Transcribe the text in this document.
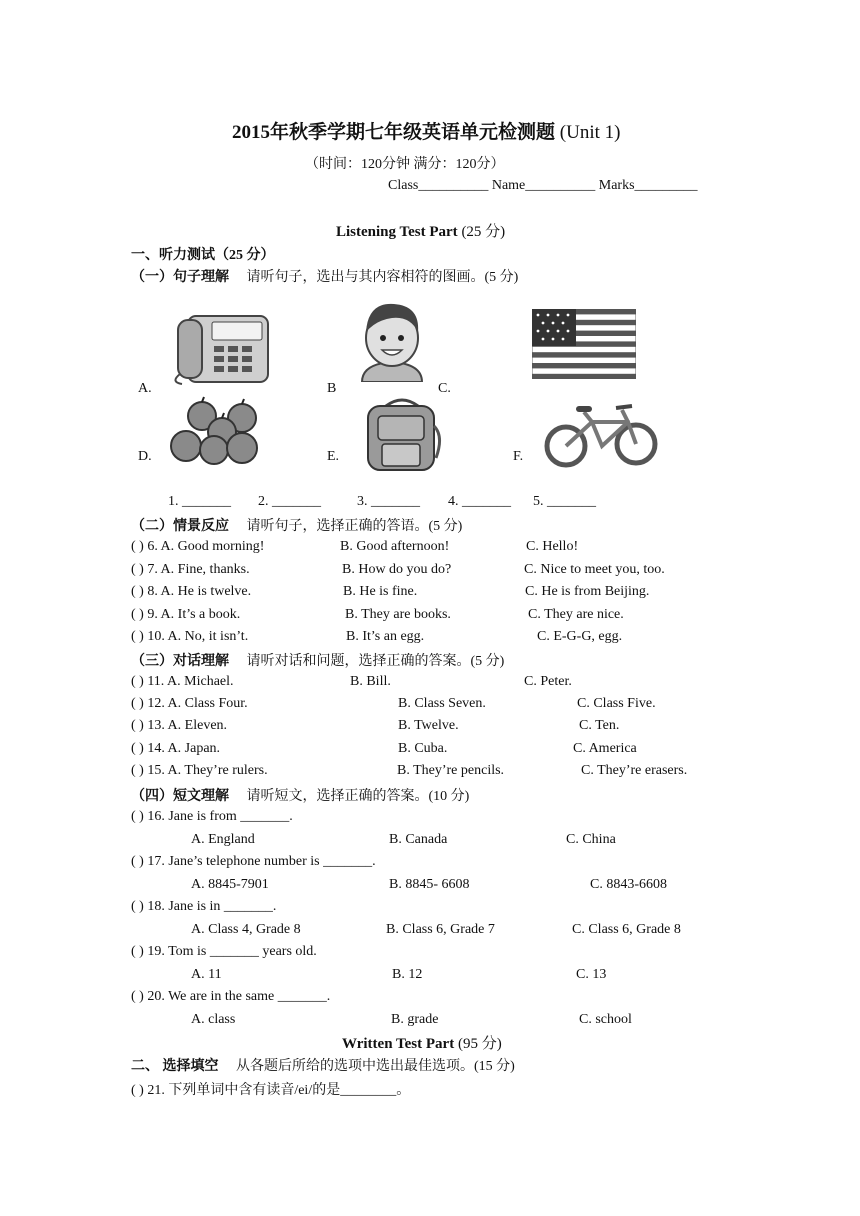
2015年秋季学期七年级英语单元检测题 (Unit 1)
（时间：120分钟 满分：120分）
Class__________ Name__________ Marks_________
Listening Test Part (25 分)
一、听力测试（25 分）
（一）句子理解 请听句子，选出与其内容相符的图画。(5 分)
A.	B	C.
D.	E.	F.
1. _______ 2. _______	3. _______ 4. _______ 5. _______
（二）情景反应 请听句子，选择正确的答语。(5 分)
( ) 6. A. Good morning!	B. Good afternoon!	C. Hello!
( ) 7. A. Fine, thanks.	B. How do you do?	C. Nice to meet you, too.
( ) 8. A. He is twelve.	B. He is fine.	C. He is from Beijing.
( ) 9. A. It’s a book.	B. They are books.	C. They are nice.
( ) 10. A. No, it isn’t.	B. It’s an egg.	C. E-G-G, egg.
（三）对话理解 请听对话和问题，选择正确的答案。(5 分)
( ) 11. A. Michael.	B. Bill.	C. Peter.
( ) 12. A. Class Four.	B. Class Seven.	C. Class Five.
( ) 13. A. Eleven.	B. Twelve.	C. Ten.
( ) 14. A. Japan.	B. Cuba.	C. America
( ) 15. A. They’re rulers.	B. They’re pencils.	C. They’re erasers.
（四）短文理解 请听短文，选择正确的答案。(10 分)
( ) 16. Jane is from _______.
A. England	B. Canada	C. China
( ) 17. Jane’s telephone number is _______.
A. 8845-7901	B. 8845- 6608	C. 8843-6608
( ) 18. Jane is in _______.
A. Class 4, Grade 8	B. Class 6, Grade 7	C. Class 6, Grade 8
( ) 19. Tom is _______ years old.
A. 11	B. 12	C. 13
( ) 20. We are in the same _______.
A. class	B. grade	C. school
Written Test Part (95 分)
二、 选择填空 从各题后所给的选项中选出最佳选项。(15 分)
( ) 21. 下列单词中含有读音/ei/的是________。
